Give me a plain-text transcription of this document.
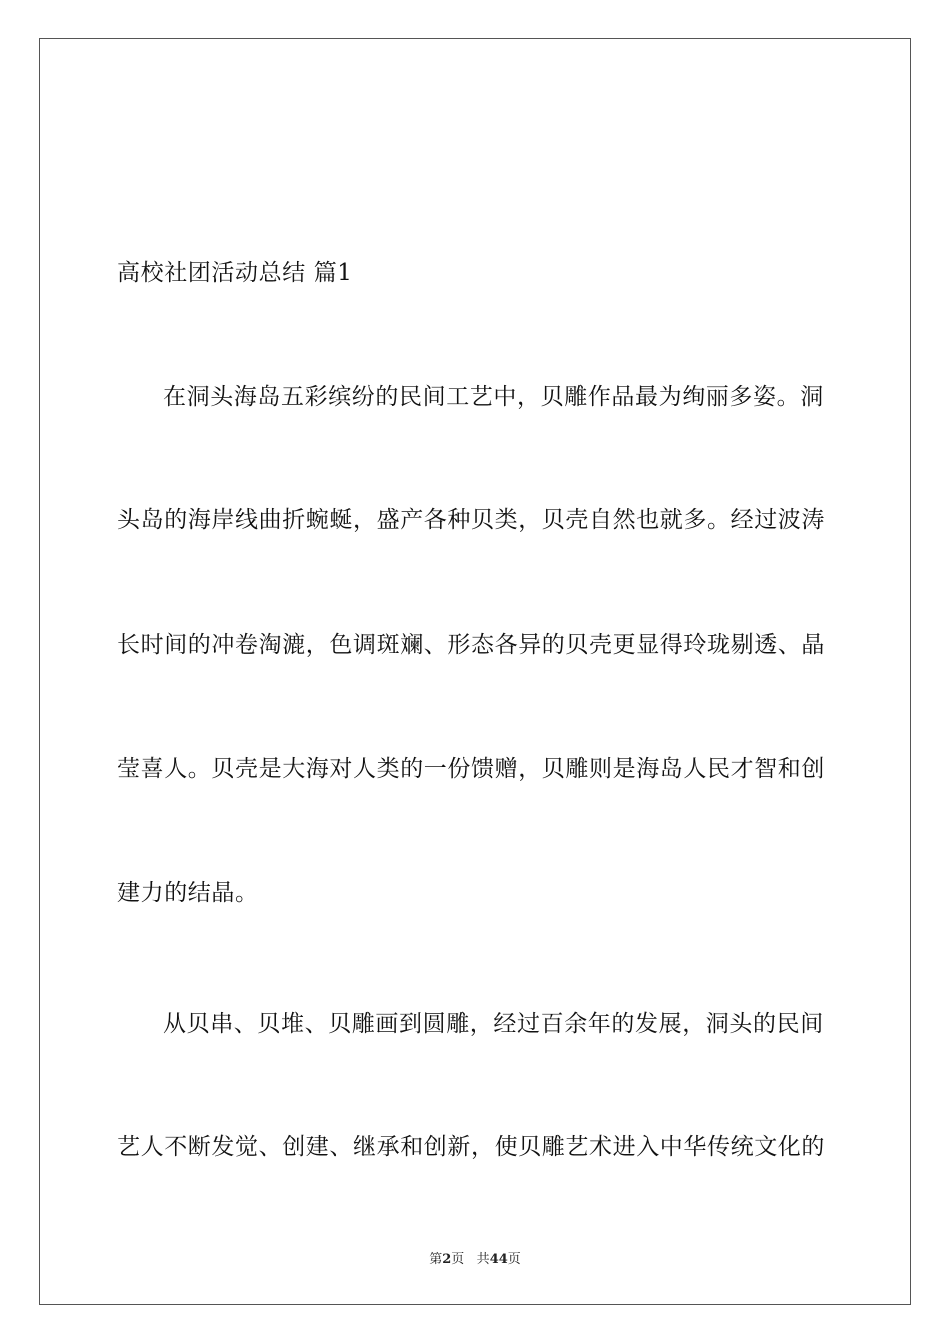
高校社团活动总结 篇1
在洞头海岛五彩缤纷的民间工艺中，贝雕作品最为绚丽多姿。洞
头岛的海岸线曲折蜿蜒，盛产各种贝类，贝壳自然也就多。经过波涛
长时间的冲卷淘漉，色调斑斓、形态各异的贝壳更显得玲珑剔透、晶
莹喜人。贝壳是大海对人类的一份馈赠，贝雕则是海岛人民才智和创
建力的结晶。
从贝串、贝堆、贝雕画到圆雕，经过百余年的发展，洞头的民间
艺人不断发觉、创建、继承和创新，使贝雕艺术进入中华传统文化的
第2页 共44页
